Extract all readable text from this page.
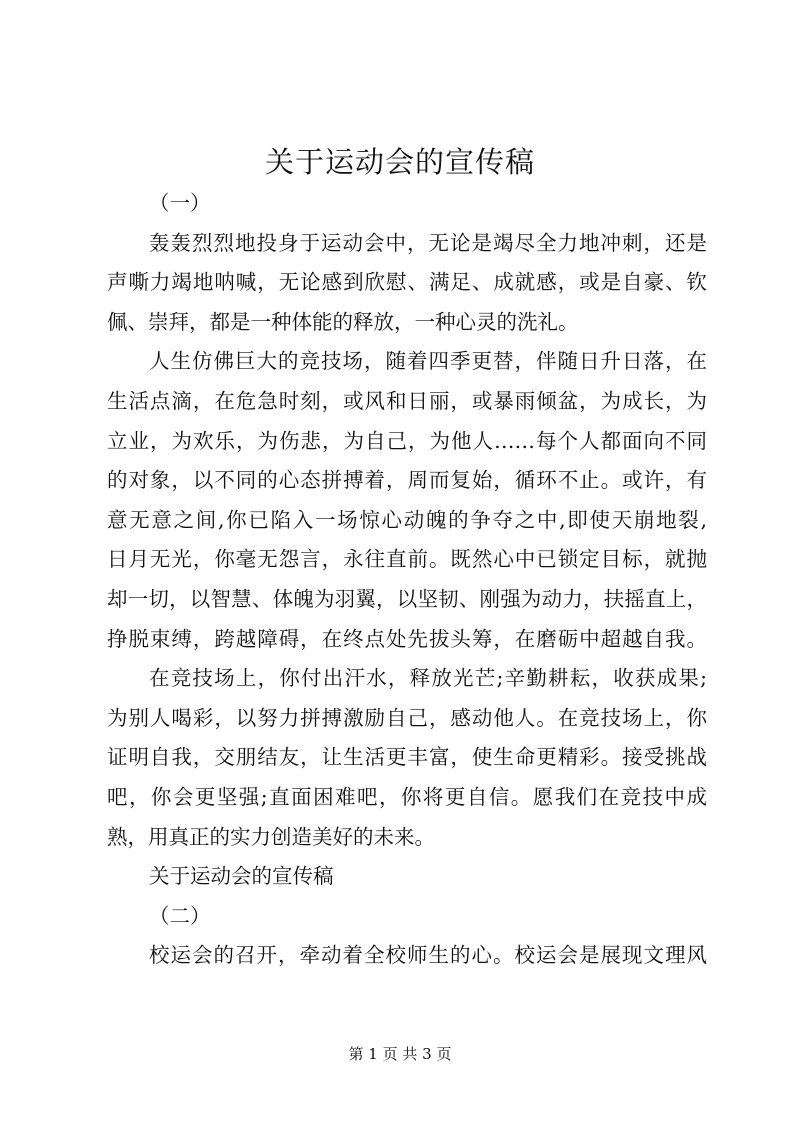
关于运动会的宣传稿
（一）
轰轰烈烈地投身于运动会中，无论是竭尽全力地冲刺，还是
声嘶力竭地呐喊，无论感到欣慰、满足、成就感，或是自豪、钦
佩、崇拜，都是一种体能的释放，一种心灵的洗礼。
人生仿佛巨大的竞技场，随着四季更替，伴随日升日落，在
生活点滴，在危急时刻，或风和日丽，或暴雨倾盆，为成长，为
立业，为欢乐，为伤悲，为自己，为他人……每个人都面向不同
的对象，以不同的心态拼搏着，周而复始，循环不止。或许，有
意无意之间,你已陷入一场惊心动魄的争夺之中,即使天崩地裂,
日月无光，你毫无怨言，永往直前。既然心中已锁定目标，就抛
却一切，以智慧、体魄为羽翼，以坚韧、刚强为动力，扶摇直上，
挣脱束缚，跨越障碍，在终点处先拔头筹，在磨砺中超越自我。
在竞技场上，你付出汗水，释放光芒;辛勤耕耘，收获成果;
为别人喝彩，以努力拼搏激励自己，感动他人。在竞技场上，你
证明自我，交朋结友，让生活更丰富，使生命更精彩。接受挑战
吧，你会更坚强;直面困难吧，你将更自信。愿我们在竞技中成
熟，用真正的实力创造美好的未来。
关于运动会的宣传稿
（二）
校运会的召开，牵动着全校师生的心。校运会是展现文理风
第 1 页 共 3 页
